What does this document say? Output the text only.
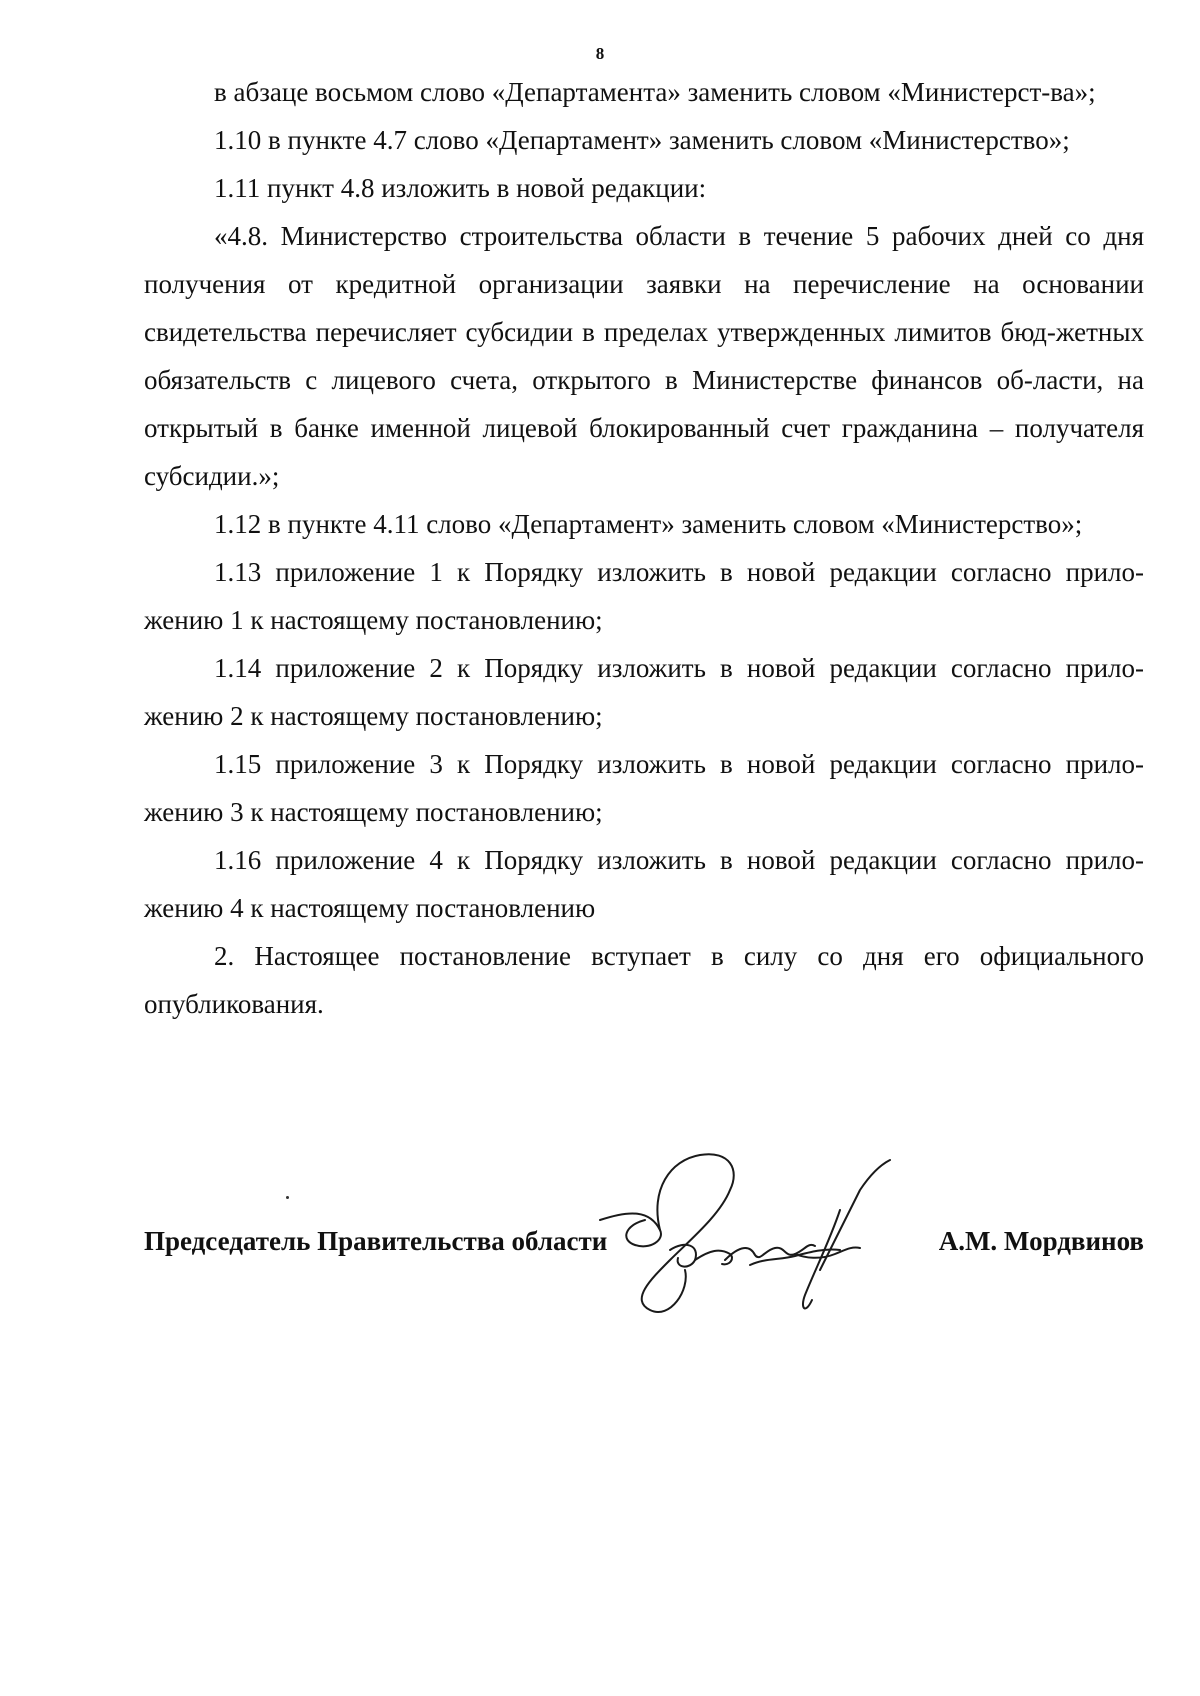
8

в абзаце восьмом слово «Департамента» заменить словом «Министерст-ва»;

1.10 в пункте 4.7 слово «Департамент» заменить словом «Министерство»;

1.11 пункт 4.8 изложить в новой редакции:

«4.8. Министерство строительства области в течение 5 рабочих дней со дня получения от кредитной организации заявки на перечисление на основании свидетельства перечисляет субсидии в пределах утвержденных лимитов бюд-жетных обязательств с лицевого счета, открытого в Министерстве финансов об-ласти, на открытый в банке именной лицевой блокированный счет гражданина – получателя субсидии.»;

1.12 в пункте 4.11 слово «Департамент» заменить словом «Министерство»;

1.13 приложение 1 к Порядку изложить в новой редакции согласно прило-жению 1 к настоящему постановлению;

1.14 приложение 2 к Порядку изложить в новой редакции согласно прило-жению 2 к настоящему постановлению;

1.15 приложение 3 к Порядку изложить в новой редакции согласно прило-жению 3 к настоящему постановлению;

1.16 приложение 4 к Порядку изложить в новой редакции согласно прило-жению 4 к настоящему постановлению

2. Настоящее постановление вступает в силу со дня его официального опубликования.

Председатель Правительства области	А.М. Мордвинов
